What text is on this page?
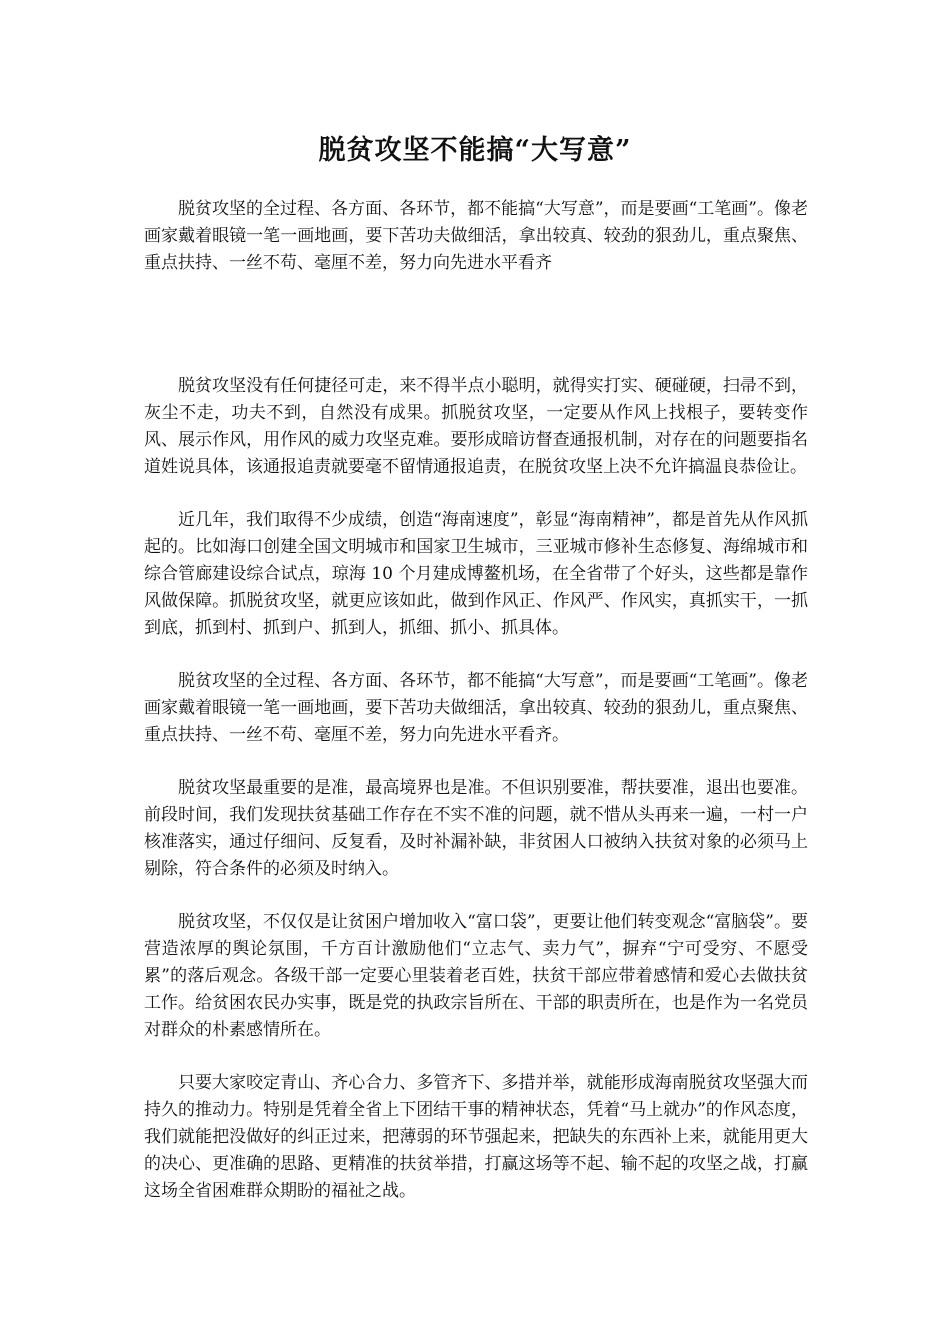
脱贫攻坚不能搞“大写意”

脱贫攻坚的全过程、各方面、各环节，都不能搞“大写意”，而是要画“工笔画”。像老画家戴着眼镜一笔一画地画，要下苦功夫做细活，拿出较真、较劲的狠劲儿，重点聚焦、重点扶持、一丝不苟、毫厘不差，努力向先进水平看齐

脱贫攻坚没有任何捷径可走，来不得半点小聪明，就得实打实、硬碰硬，扫帚不到，灰尘不走，功夫不到，自然没有成果。抓脱贫攻坚，一定要从作风上找根子，要转变作风、展示作风，用作风的威力攻坚克难。要形成暗访督查通报机制，对存在的问题要指名道姓说具体，该通报追责就要毫不留情通报追责，在脱贫攻坚上决不允许搞温良恭俭让。

近几年，我们取得不少成绩，创造“海南速度”，彰显“海南精神”，都是首先从作风抓起的。比如海口创建全国文明城市和国家卫生城市，三亚城市修补生态修复、海绵城市和综合管廊建设综合试点，琼海 10 个月建成博鳌机场，在全省带了个好头，这些都是靠作风做保障。抓脱贫攻坚，就更应该如此，做到作风正、作风严、作风实，真抓实干，一抓到底，抓到村、抓到户、抓到人，抓细、抓小、抓具体。

脱贫攻坚的全过程、各方面、各环节，都不能搞“大写意”，而是要画“工笔画”。像老画家戴着眼镜一笔一画地画，要下苦功夫做细活，拿出较真、较劲的狠劲儿，重点聚焦、重点扶持、一丝不苟、毫厘不差，努力向先进水平看齐。

脱贫攻坚最重要的是准，最高境界也是准。不但识别要准，帮扶要准，退出也要准。前段时间，我们发现扶贫基础工作存在不实不准的问题，就不惜从头再来一遍，一村一户核准落实，通过仔细问、反复看，及时补漏补缺，非贫困人口被纳入扶贫对象的必须马上剔除，符合条件的必须及时纳入。

脱贫攻坚，不仅仅是让贫困户增加收入“富口袋”，更要让他们转变观念“富脑袋”。要营造浓厚的舆论氛围，千方百计激励他们“立志气、卖力气”，摒弃“宁可受穷、不愿受累”的落后观念。各级干部一定要心里装着老百姓，扶贫干部应带着感情和爱心去做扶贫工作。给贫困农民办实事，既是党的执政宗旨所在、干部的职责所在，也是作为一名党员对群众的朴素感情所在。

只要大家咬定青山、齐心合力、多管齐下、多措并举，就能形成海南脱贫攻坚强大而持久的推动力。特别是凭着全省上下团结干事的精神状态，凭着“马上就办”的作风态度，我们就能把没做好的纠正过来，把薄弱的环节强起来，把缺失的东西补上来，就能用更大的决心、更准确的思路、更精准的扶贫举措，打赢这场等不起、输不起的攻坚之战，打赢这场全省困难群众期盼的福祉之战。
